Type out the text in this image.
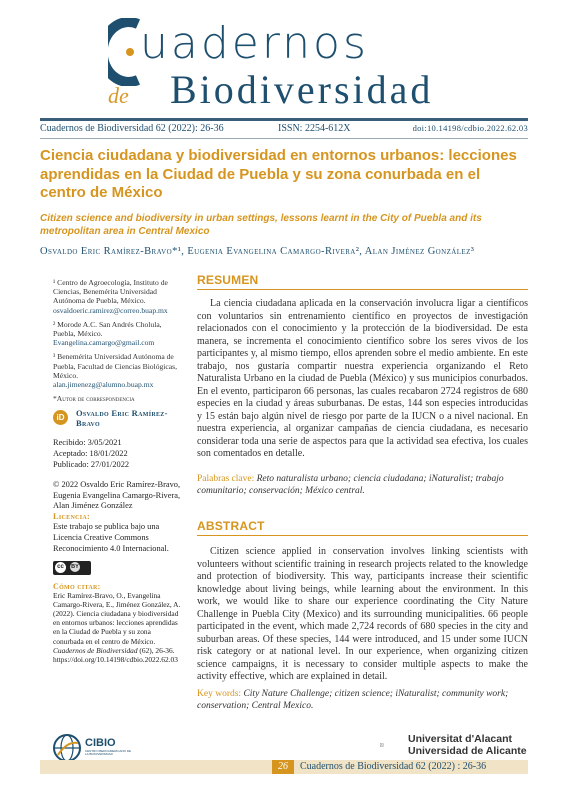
uadernos
de Biodiversidad
Cuadernos de Biodiversidad 62 (2022): 26-36	ISSN: 2254-612X	doi:10.14198/cdbio.2022.62.03
Ciencia ciudadana y biodiversidad en entornos urbanos: lecciones aprendidas en la Ciudad de Puebla y su zona conurbada en el centro de México
Citizen science and biodiversity in urban settings, lessons learnt in the City of Puebla and its metropolitan area in Central Mexico
Osvaldo Eric Ramírez-Bravo*¹, Eugenia Evangelina Camargo-Rivera², Alan Jiménez González³

¹ Centro de Agroecología, Instituto de Ciencias, Benemérita Universidad Autónoma de Puebla, México.

osvaldoeric.ramirez@correo.buap.mx

² Morode A.C. San Andrés Cholula, Puebla, México.

Evangelina.camargo@gmail.com

³ Benemérita Universidad Autónoma de Puebla, Facultad de Ciencias Biológicas, México.

alan.jimenezg@alumno.buap.mx

*Autor de correspondencia

iD	Osvaldo Eric Ramírez-Bravo
Recibido: 3/05/2021
Aceptado: 18/01/2022
Publicado: 27/01/2022
© 2022 Osvaldo Eric Ramírez-Bravo, Eugenia Evangelina Camargo-Rivera, Alan Jiménez González
Licencia:
Este trabajo se publica bajo una Licencia Creative Commons Reconocimiento 4.0 Internacional.
cc	BY
Cómo citar:
Eric Ramírez-Bravo, O., Evangelina Camargo-Rivera, E., Jiménez González, A. (2022). Ciencia ciudadana y biodiversidad en entornos urbanos: lecciones aprendidas en la Ciudad de Puebla y su zona conurbada en el centro de México. Cuadernos de Biodiversidad (62), 26-36. https://doi.org/10.14198/cdbio.2022.62.03
RESUMEN

La ciencia ciudadana aplicada en la conservación involucra ligar a científicos con voluntarios sin entrenamiento científico en proyectos de investigación relacionados con el conocimiento y la protección de la biodiversidad. De esta manera, se incrementa el conocimiento científico sobre los seres vivos de los participantes y, al mismo tiempo, ellos aprenden sobre el medio ambiente. En este trabajo, nos gustaría compartir nuestra experiencia organizando el Reto Naturalista Urbano en la ciudad de Puebla (México) y sus municipios conurbados. En el evento, participaron 66 personas, las cuales recabaron 2724 registros de 680 especies en la ciudad y áreas suburbanas. De estas, 144 son especies introducidas y 15 están bajo algún nivel de riesgo por parte de la IUCN o a nivel nacional. En nuestra experiencia, al organizar campañas de ciencia ciudadana, es necesario considerar toda una serie de aspectos para que la actividad sea efectiva, los cuales son comentados en detalle.

Palabras clave: Reto naturalista urbano; ciencia ciudadana; iNaturalist; trabajo comunitario; conservación; México central.
ABSTRACT

Citizen science applied in conservation involves linking scientists with volunteers without scientific training in research projects related to the knowledge and protection of biodiversity. This way, participants increase their scientific knowledge about living beings, while learning about the environment. In this work, we would like to share our experience coordinating the City Nature Challenge in Puebla City (Mexico) and its surrounding municipalities. 66 people participated in the event, which made 2,724 records of 680 species in the city and suburban areas. Of these species, 144 were introduced, and 15 under some IUCN risk category or at national level. In our experience, when organizing citizen science campaigns, it is necessary to consider multiple aspects to make the activity effective, which are explained in detail.

Key words: City Nature Challenge; citizen science; iNaturalist; community work; conservation; Central Mexico.
CIBIO
CENTRO IBEROAMERICANO DE LA BIODIVERSIDAD
Universitat d'Alacant
Universidad de Alicante
26	Cuadernos de Biodiversidad 62 (2022) : 26-36
